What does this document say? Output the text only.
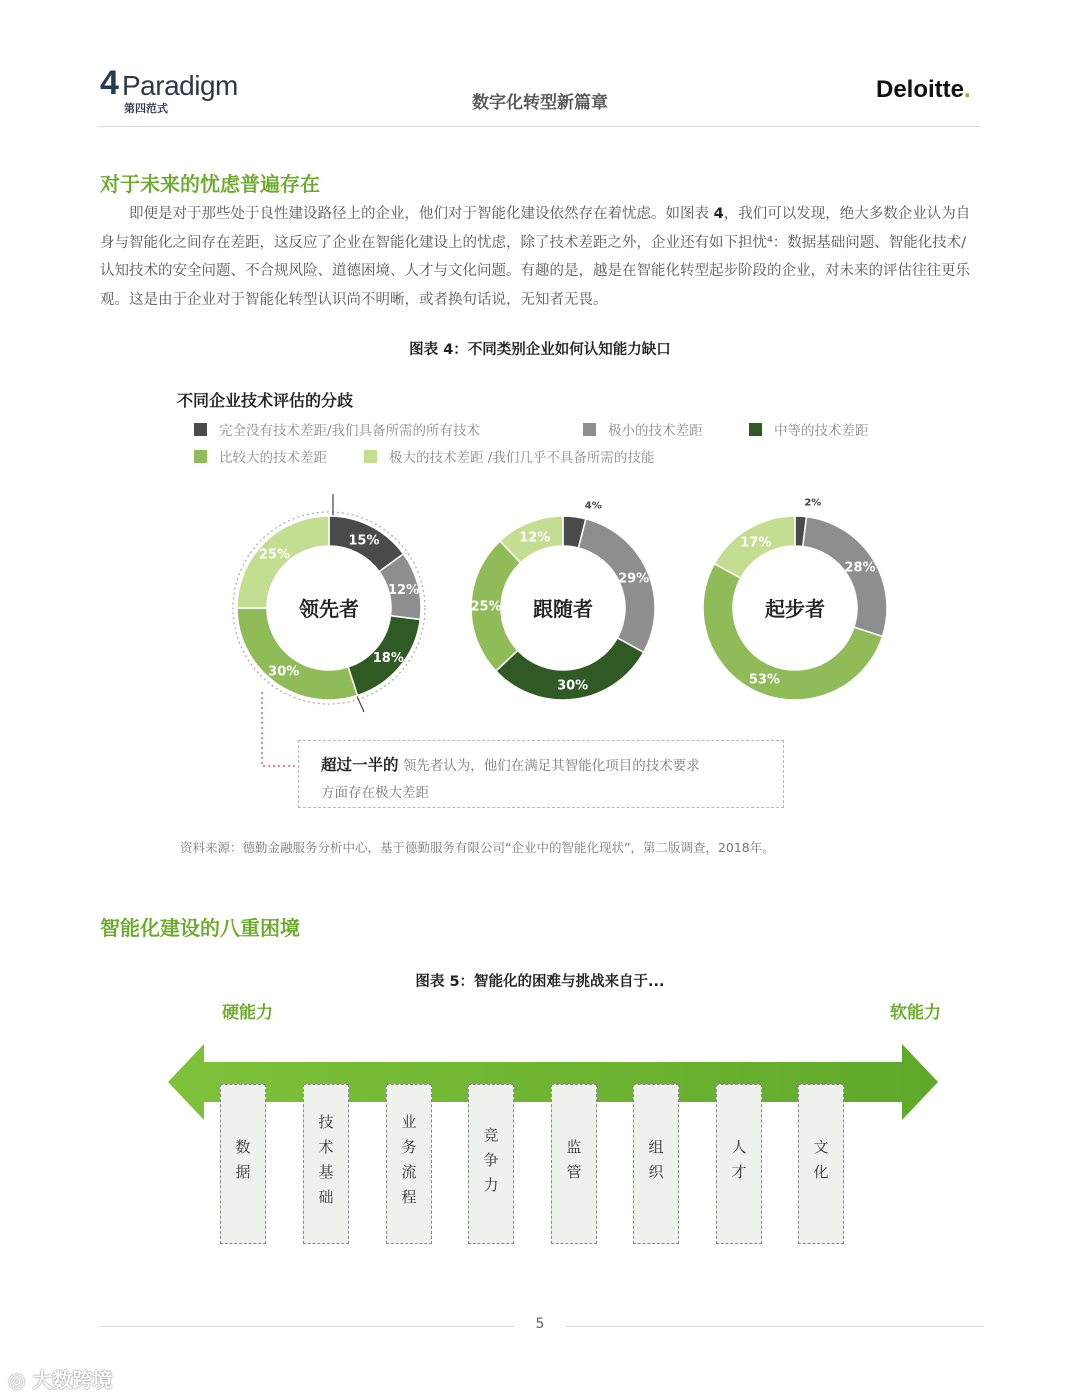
4 Paradigm
第四范式	数字化转型新篇章	Deloitte.
对于未来的忧虑普遍存在
即便是对于那些处于良性建设路径上的企业，他们对于智能化建设依然存在着忧虑。如图表 4，我们可以发现，绝大多数企业认为自身与智能化之间存在差距，这反应了企业在智能化建设上的忧虑，除了技术差距之外，企业还有如下担忧⁴：数据基础问题、智能化技术/认知技术的安全问题、不合规风险、道德困境、人才与文化问题。有趣的是，越是在智能化转型起步阶段的企业，对未来的评估往往更乐观。这是由于企业对于智能化转型认识尚不明晰，或者换句话说，无知者无畏。
图表 4：不同类别企业如何认知能力缺口
不同企业技术评估的分歧
完全没有技术差距/我们具备所需的所有技术	极小的技术差距	中等的技术差距
比较大的技术差距	极大的技术差距 /我们几乎不具备所需的技能
15%
12%
18%
30%
25%
领先者
4%
29%
30%
25%
12%
跟随者
2%
28%
53%
17%
起步者
超过一半的 领先者认为，他们在满足其智能化项目的技术要求
方面存在极大差距
资料来源：德勤金融服务分析中心，基于德勤服务有限公司“企业中的智能化现状”，第二版调查，2018年。
智能化建设的八重困境
图表 5：智能化的困难与挑战来自于...
硬能力	软能力
数据	技术基础	业务流程	竞争力	监管	组织	人才	文化
5
◎ 大数跨境
